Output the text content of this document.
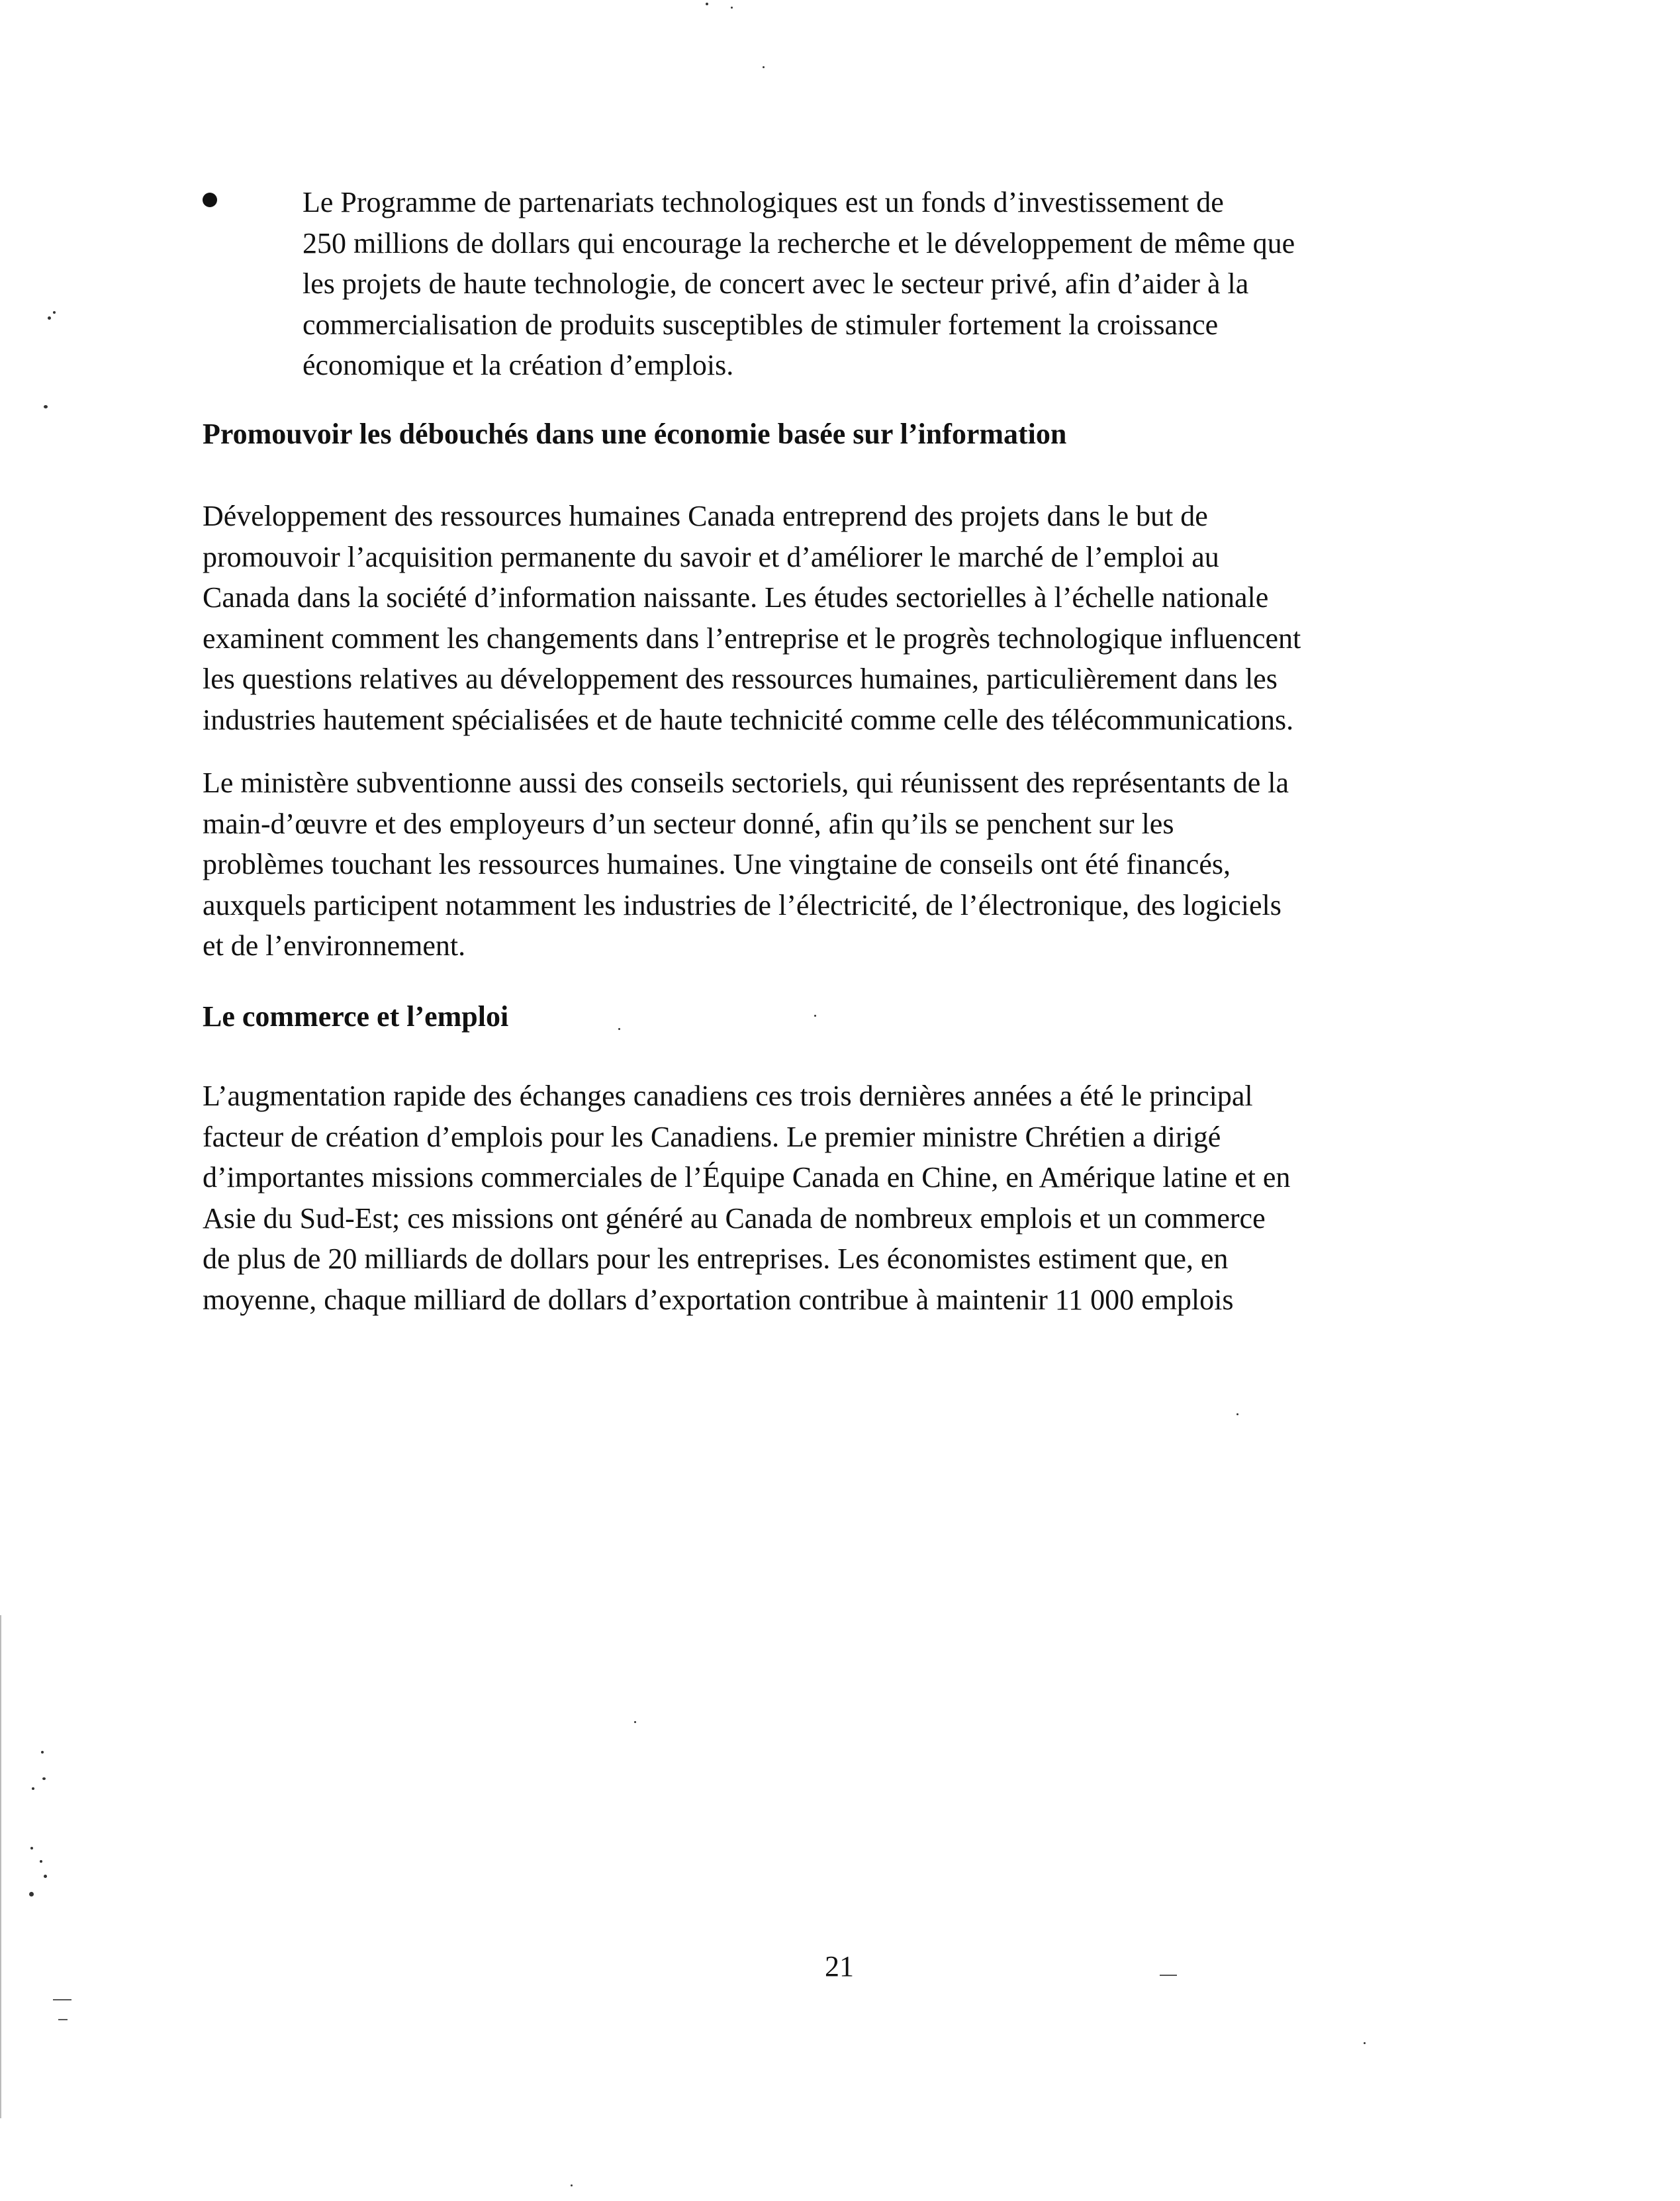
Le Programme de partenariats technologiques est un fonds d’investissement de
250 millions de dollars qui encourage la recherche et le développement de même que
les projets de haute technologie, de concert avec le secteur privé, afin d’aider à la
commercialisation de produits susceptibles de stimuler fortement la croissance
économique et la création d’emplois.
Promouvoir les débouchés dans une économie basée sur l’information
Développement des ressources humaines Canada entreprend des projets dans le but de
promouvoir l’acquisition permanente du savoir et d’améliorer le marché de l’emploi au
Canada dans la société d’information naissante. Les études sectorielles à l’échelle nationale
examinent comment les changements dans l’entreprise et le progrès technologique influencent
les questions relatives au développement des ressources humaines, particulièrement dans les
industries hautement spécialisées et de haute technicité comme celle des télécommunications.
Le ministère subventionne aussi des conseils sectoriels, qui réunissent des représentants de la
main-d’œuvre et des employeurs d’un secteur donné, afin qu’ils se penchent sur les
problèmes touchant les ressources humaines. Une vingtaine de conseils ont été financés,
auxquels participent notamment les industries de l’électricité, de l’électronique, des logiciels
et de l’environnement.
Le commerce et l’emploi
L’augmentation rapide des échanges canadiens ces trois dernières années a été le principal
facteur de création d’emplois pour les Canadiens. Le premier ministre Chrétien a dirigé
d’importantes missions commerciales de l’Équipe Canada en Chine, en Amérique latine et en
Asie du Sud-Est; ces missions ont généré au Canada de nombreux emplois et un commerce
de plus de 20 milliards de dollars pour les entreprises. Les économistes estiment que, en
moyenne, chaque milliard de dollars d’exportation contribue à maintenir 11 000 emplois
21
